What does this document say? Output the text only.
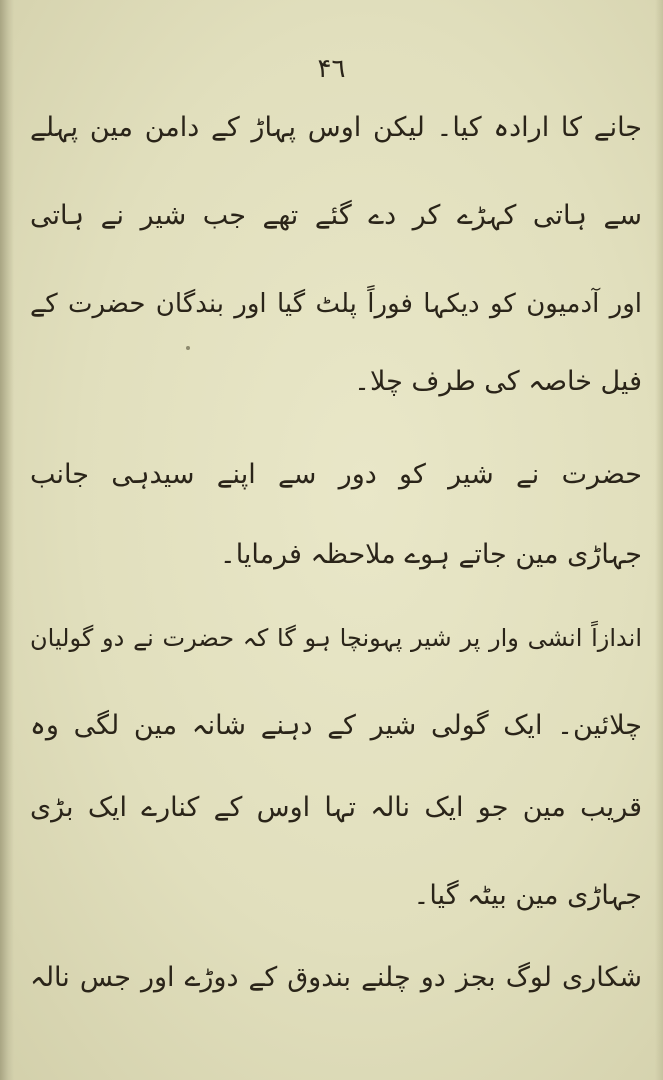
۴٦
جانے کا ارادہ کیا۔ لیکن اوس پہاڑ کے دامن مین پہلے
سے ہاتی کہڑے کر دے گئے تھے جب شیر نے ہاتی
اور آدمیون کو دیکہا فوراً پلٹ گیا اور بندگان حضرت کے
فیل خاصہ کی طرف چلا۔
حضرت نے شیر کو دور سے اپنے سیدہی جانب
جہاڑی مین جاتے ہوے ملاحظہ فرمایا۔
اندازاً انشی وار پر شیر پہونچا ہو گا کہ حضرت نے دو گولیان
چلائین۔ ایک گولی شیر کے دہنے شانہ مین لگی وہ
قریب مین جو ایک نالہ تہا اوس کے کنارے ایک بڑی
جہاڑی مین بیٹہ گیا۔
شکاری لوگ بجز دو چلنے بندوق کے دوڑے اور جس نالہ
